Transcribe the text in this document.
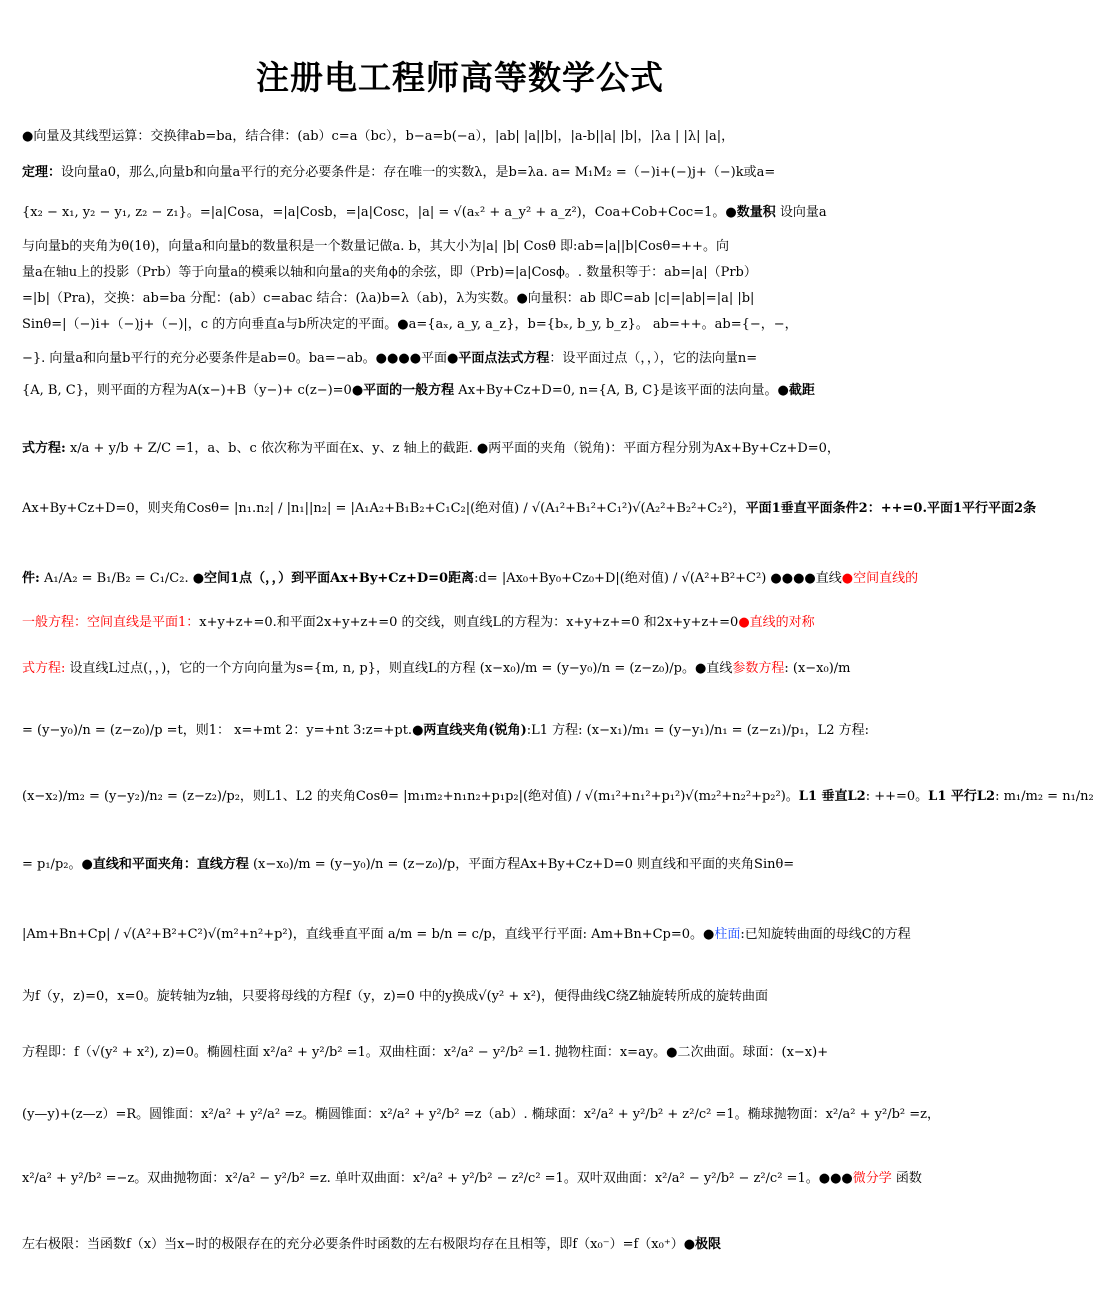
注册电工程师高等数学公式
●向量及其线型运算：交换律ab=ba，结合律：(ab）c=a（bc），b−a=b(−a），|ab| |a||b|，|a-b||a| |b|，|λa | |λ| |a|，
定理：设向量a0，那么,向量b和向量a平行的充分必要条件是：存在唯一的实数λ，是b=λa. a= M₁M₂ =（−)i+(−)j+（−)k或a=
{x₂ − x₁, y₂ − y₁, z₂ − z₁}。=|a|Cosa，=|a|Cosb，=|a|Cosc，|a| = √(aₓ² + a_y² + a_z²)，Coa+Cob+Coc=1。●数量积 设向量a
与向量b的夹角为θ(1θ)，向量a和向量b的数量积是一个数量记做a. b，其大小为|a| |b| Cosθ 即:ab=|a||b|Cosθ=++。向
量a在轴u上的投影（Prb）等于向量a的模乘以轴和向量a的夹角ϕ的余弦，即（Prb)=|a|Cosϕ。. 数量积等于：ab=|a|（Prb）
=|b|（Pra)，交换：ab=ba 分配：(ab）c=abac 结合：(λa)b=λ（ab)，λ为实数。●向量积：ab 即C=ab |c|=|ab|=|a| |b|
Sinθ=|（−)i+（−)j+（−)|，c 的方向垂直a与b所决定的平面。●a={aₓ, a_y, a_z}，b={bₓ, b_y, b_z}。 ab=++。ab={−，−，
−}. 向量a和向量b平行的充分必要条件是ab=0。ba=−ab。●●●●平面●平面点法式方程：设平面过点（，，），它的法向量n=
{A, B, C}，则平面的方程为A(x−)+B（y−)+ c(z−)=0●平面的一般方程 Ax+By+Cz+D=0, n={A, B, C}是该平面的法向量。●截距
式方程: x/a + y/b + Z/C =1，a、b、c 依次称为平面在x、y、z 轴上的截距. ●两平面的夹角（锐角)：平面方程分别为Ax+By+Cz+D=0，
Ax+By+Cz+D=0，则夹角Cosθ= |n₁.n₂| / |n₁||n₂| = |A₁A₂+B₁B₂+C₁C₂|(绝对值) / √(A₁²+B₁²+C₁²)√(A₂²+B₂²+C₂²)，平面1垂直平面条件2：++=0.平面1平行平面2条
件: A₁/A₂ = B₁/B₂ = C₁/C₂. ●空间1点（，，）到平面Ax+By+Cz+D=0距离:d= |Ax₀+By₀+Cz₀+D|(绝对值) / √(A²+B²+C²) ●●●●直线●空间直线的
一般方程：空间直线是平面1：x+y+z+=0.和平面2x+y+z+=0 的交线，则直线L的方程为：x+y+z+=0 和2x+y+z+=0●直线的对称
式方程: 设直线L过点(，，)，它的一个方向向量为s={m, n, p}，则直线L的方程 (x−x₀)/m = (y−y₀)/n = (z−z₀)/p。●直线参数方程: (x−x₀)/m
= (y−y₀)/n = (z−z₀)/p =t，则1： x=+mt 2：y=+nt 3:z=+pt.●两直线夹角(锐角):L1 方程: (x−x₁)/m₁ = (y−y₁)/n₁ = (z−z₁)/p₁，L2 方程:
(x−x₂)/m₂ = (y−y₂)/n₂ = (z−z₂)/p₂，则L1、L2 的夹角Cosθ= |m₁m₂+n₁n₂+p₁p₂|(绝对值) / √(m₁²+n₁²+p₁²)√(m₂²+n₂²+p₂²)。L1 垂直L2: ++=0。L1 平行L2: m₁/m₂ = n₁/n₂
= p₁/p₂。●直线和平面夹角：直线方程 (x−x₀)/m = (y−y₀)/n = (z−z₀)/p，平面方程Ax+By+Cz+D=0 则直线和平面的夹角Sinθ=
|Am+Bn+Cp| / √(A²+B²+C²)√(m²+n²+p²)，直线垂直平面 a/m = b/n = c/p，直线平行平面: Am+Bn+Cp=0。●柱面:已知旋转曲面的母线C的方程
为f（y，z)=0，x=0。旋转轴为z轴，只要将母线的方程f（y，z)=0 中的y换成√(y² + x²)，便得曲线C绕Z轴旋转所成的旋转曲面
方程即：f（√(y² + x²), z)=0。椭圆柱面 x²/a² + y²/b² =1。双曲柱面：x²/a² − y²/b² =1. 抛物柱面：x=ay。●二次曲面。球面：(x−x)+
(y—y)+(z—z）=R。圆锥面：x²/a² + y²/a² =z。椭圆锥面：x²/a² + y²/b² =z（ab）. 椭球面：x²/a² + y²/b² + z²/c² =1。椭球抛物面：x²/a² + y²/b² =z，
x²/a² + y²/b² =−z。双曲抛物面：x²/a² − y²/b² =z. 单叶双曲面：x²/a² + y²/b² − z²/c² =1。双叶双曲面：x²/a² − y²/b² − z²/c² =1。●●●微分学 函数
左右极限：当函数f（x）当x−时的极限存在的充分必要条件时函数的左右极限均存在且相等，即f（x₀⁻）=f（x₀⁺）●极限
